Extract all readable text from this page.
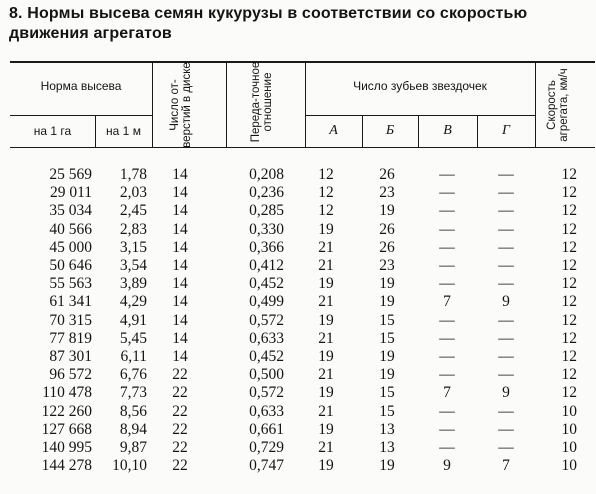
8. Нормы высева семян кукурузы в соответствии со скоростью
движения агрегатов
Норма высева
на 1 га	на 1 м
Число от-верстий в диске	Переда-точное отношение	Число зубьев звездочек
А	Б	В	Г
Скорость агрегата, км/ч
25 569	1,78	14	0,208	12	26	—	—	12
29 011	2,03	14	0,236	12	23	—	—	12
35 034	2,45	14	0,285	12	19	—	—	12
40 566	2,83	14	0,330	19	26	—	—	12
45 000	3,15	14	0,366	21	26	—	—	12
50 646	3,54	14	0,412	21	23	—	—	12
55 563	3,89	14	0,452	19	19	—	—	12
61 341	4,29	14	0,499	21	19	7	9	12
70 315	4,91	14	0,572	19	15	—	—	12
77 819	5,45	14	0,633	21	15	—	—	12
87 301	6,11	14	0,452	19	19	—	—	12
96 572	6,76	22	0,500	21	19	—	—	12
110 478	7,73	22	0,572	19	15	7	9	12
122 260	8,56	22	0,633	21	15	—	—	10
127 668	8,94	22	0,661	19	13	—	—	10
140 995	9,87	22	0,729	21	13	—	—	10
144 278	10,10	22	0,747	19	19	9	7	10
